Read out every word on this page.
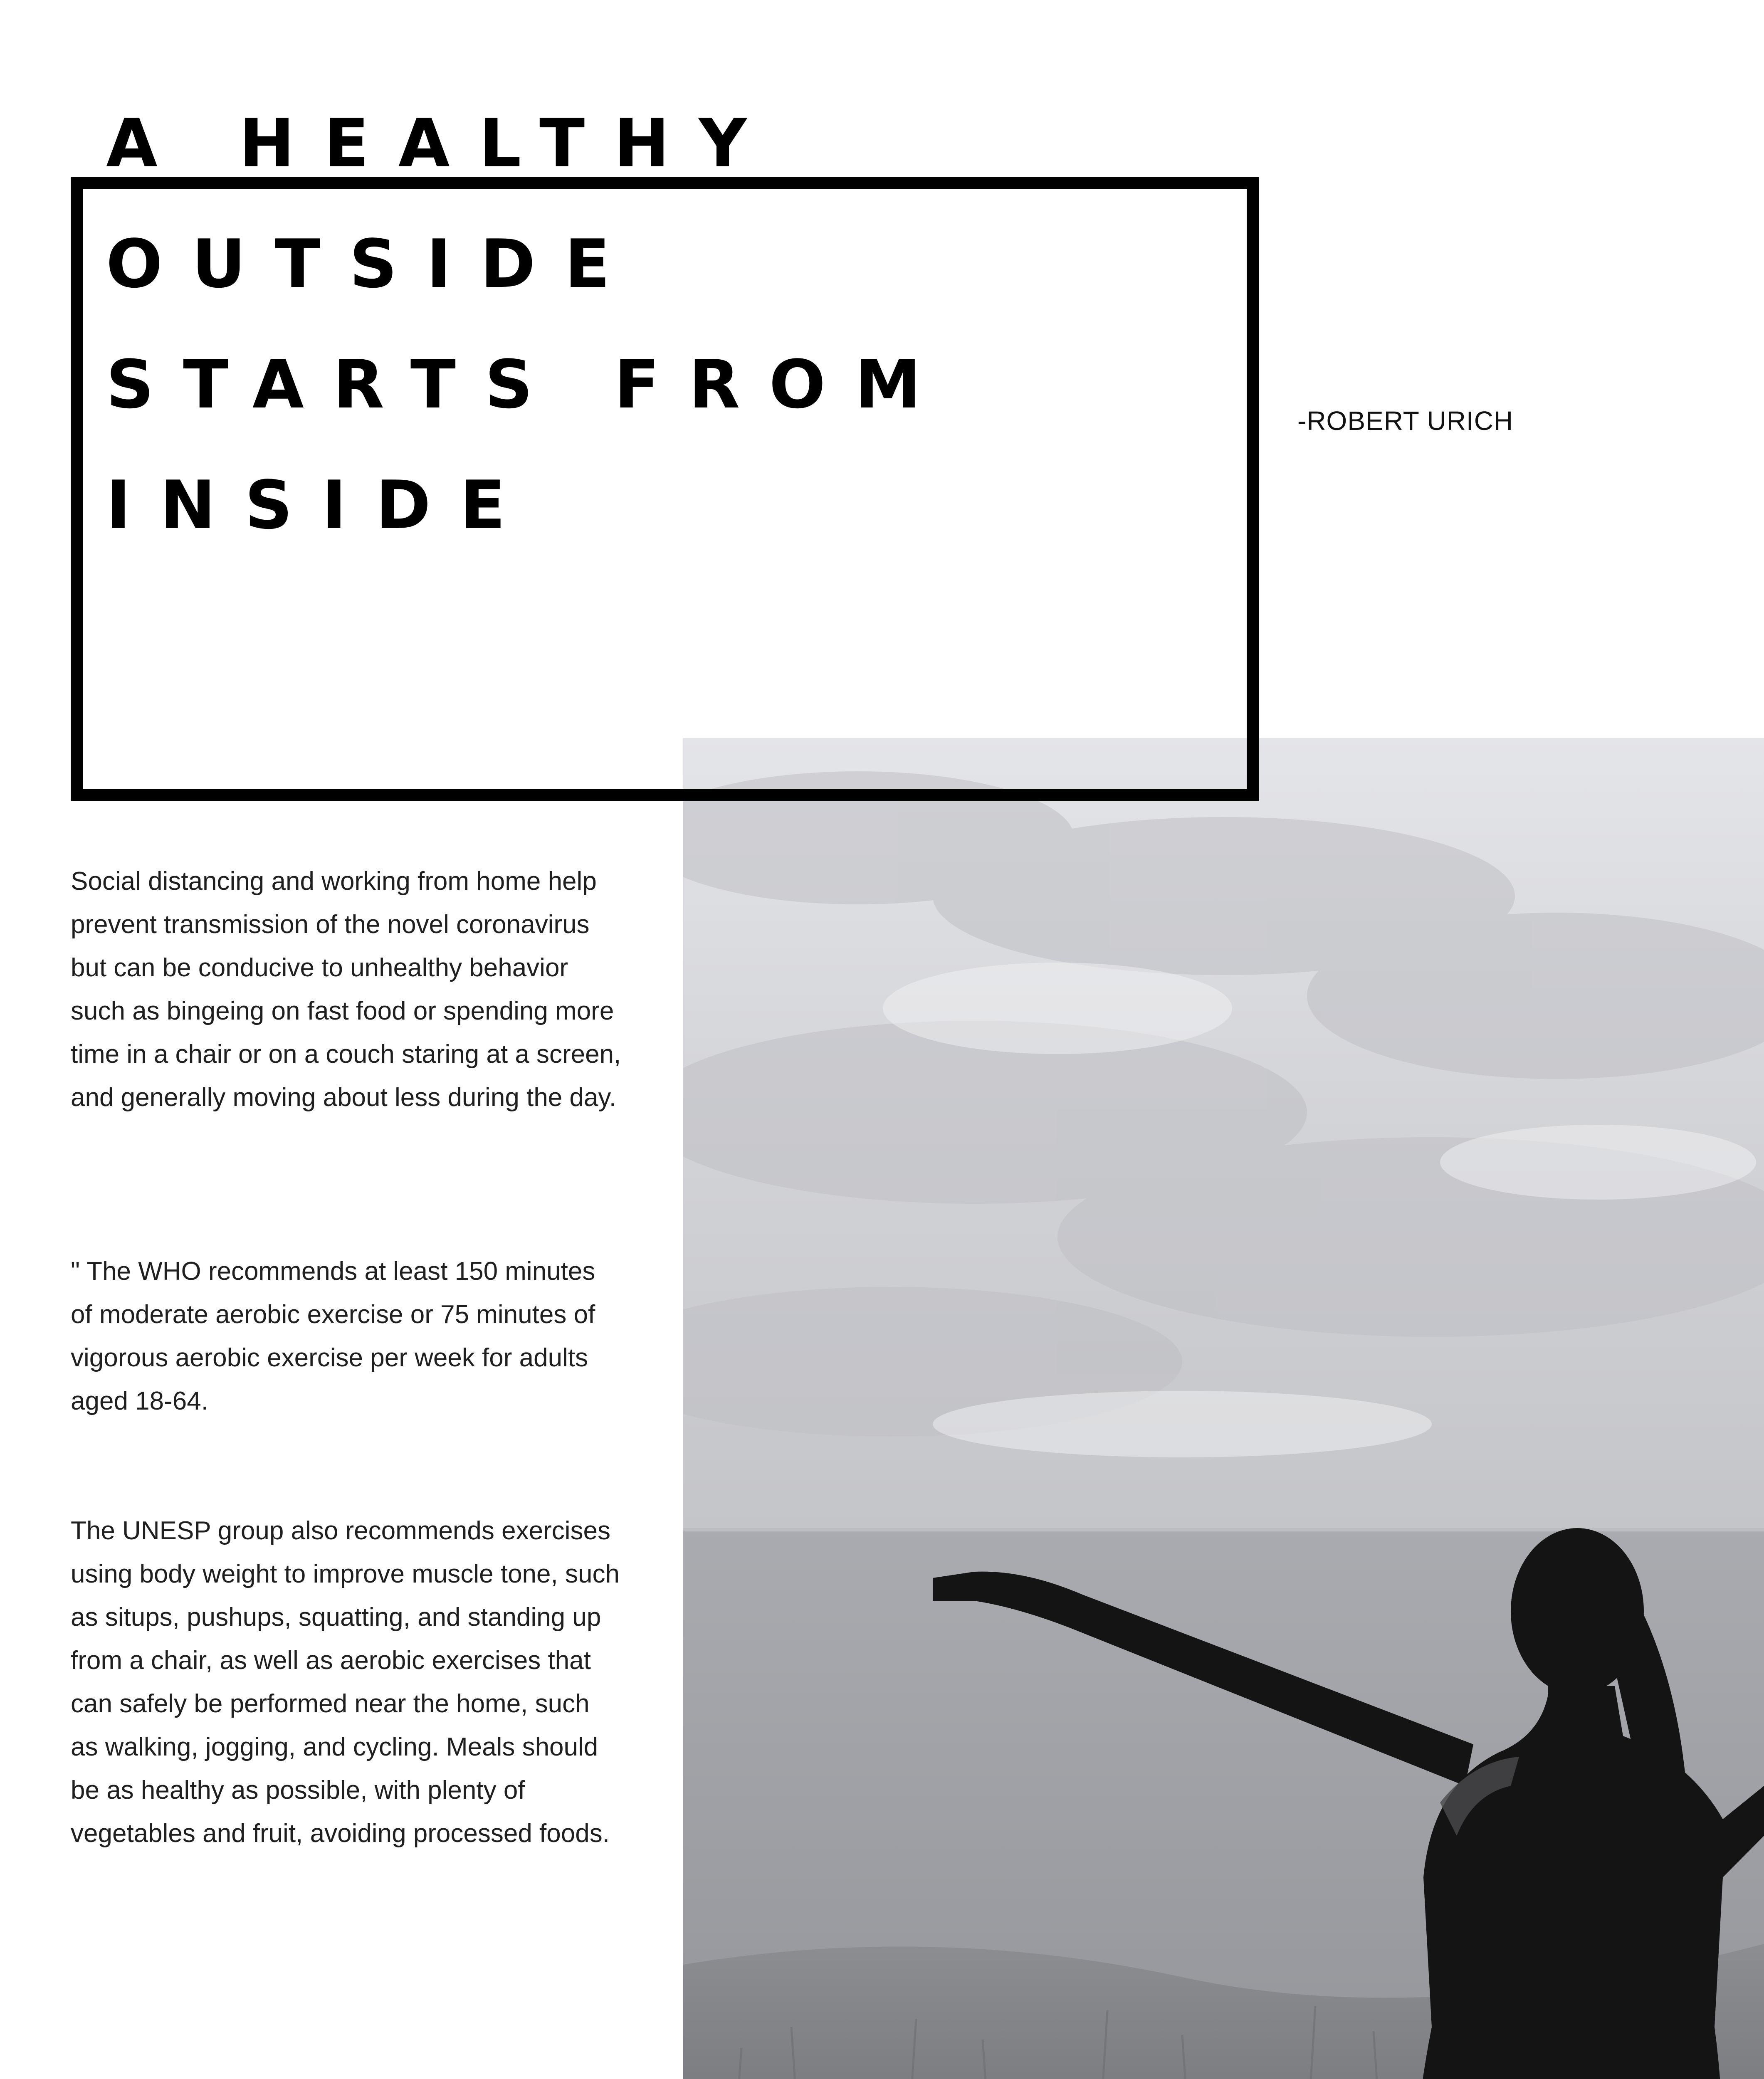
A HEALTHY
OUTSIDE
STARTS FROM
INSIDE
-ROBERT URICH

Social distancing and working from home help prevent transmission of the novel coronavirus but can be conducive to unhealthy behavior such as bingeing on fast food or spending more time in a chair or on a couch staring at a screen, and generally moving about less during the day.

" The WHO recommends at least 150 minutes of moderate aerobic exercise or 75 minutes of vigorous aerobic exercise per week for adults aged 18-64.

The UNESP group also recommends exercises using body weight to improve muscle tone, such as situps, pushups, squatting, and standing up from a chair, as well as aerobic exercises that can safely be performed near the home, such as walking, jogging, and cycling. Meals should be as healthy as possible, with plenty of vegetables and fruit, avoiding processed foods.
